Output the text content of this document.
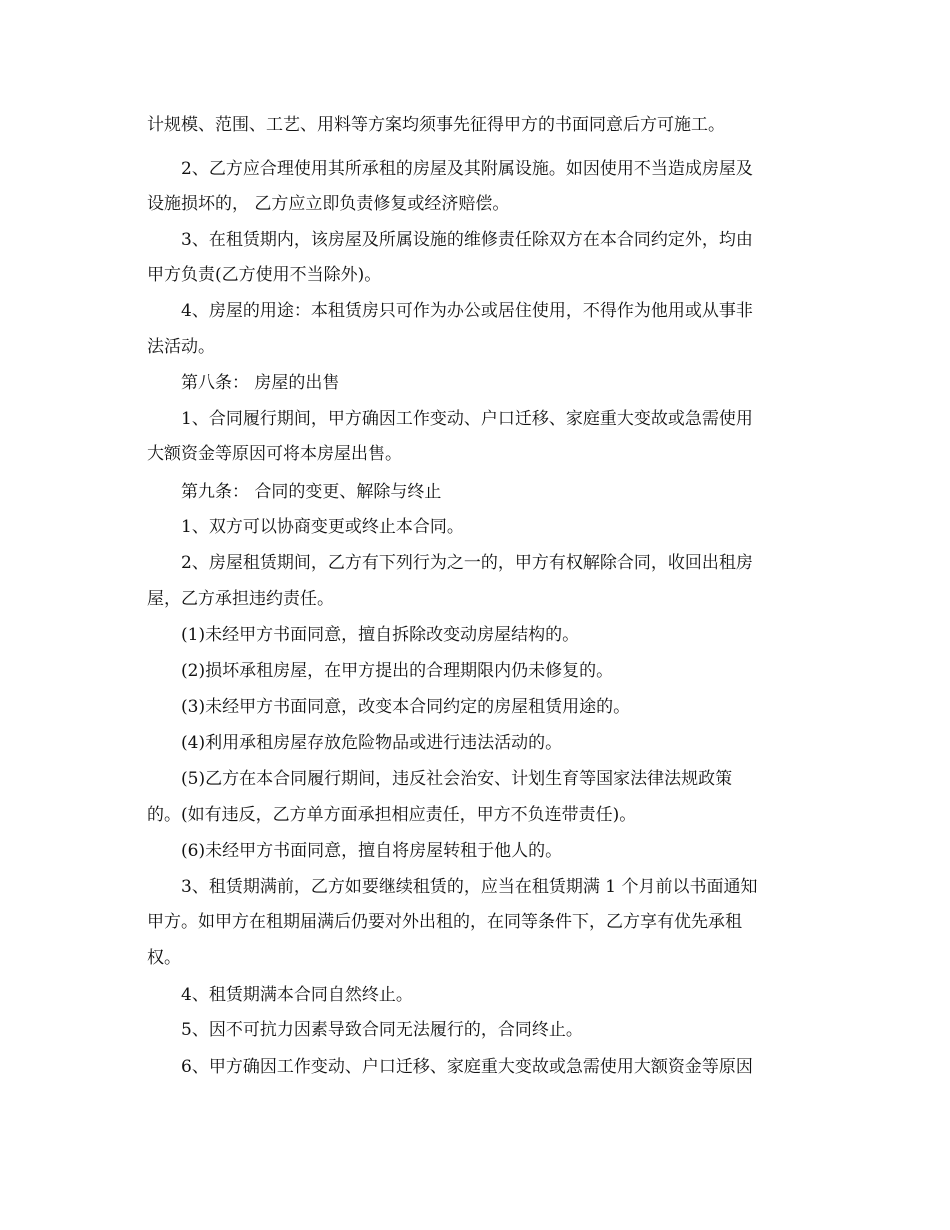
计规模、范围、工艺、用料等方案均须事先征得甲方的书面同意后方可施工。
2、乙方应合理使用其所承租的房屋及其附属设施。如因使用不当造成房屋及
设施损坏的， 乙方应立即负责修复或经济赔偿。
3、在租赁期内，该房屋及所属设施的维修责任除双方在本合同约定外，均由
甲方负责(乙方使用不当除外)。
4、房屋的用途：本租赁房只可作为办公或居住使用，不得作为他用或从事非
法活动。
第八条： 房屋的出售
1、合同履行期间，甲方确因工作变动、户口迁移、家庭重大变故或急需使用
大额资金等原因可将本房屋出售。
第九条： 合同的变更、解除与终止
1、双方可以协商变更或终止本合同。
2、房屋租赁期间，乙方有下列行为之一的，甲方有权解除合同，收回出租房
屋，乙方承担违约责任。
(1)未经甲方书面同意，擅自拆除改变动房屋结构的。
(2)损坏承租房屋，在甲方提出的合理期限内仍未修复的。
(3)未经甲方书面同意，改变本合同约定的房屋租赁用途的。
(4)利用承租房屋存放危险物品或进行违法活动的。
(5)乙方在本合同履行期间，违反社会治安、计划生育等国家法律法规政策
的。(如有违反，乙方单方面承担相应责任，甲方不负连带责任)。
(6)未经甲方书面同意，擅自将房屋转租于他人的。
3、租赁期满前，乙方如要继续租赁的，应当在租赁期满 1 个月前以书面通知
甲方。如甲方在租期届满后仍要对外出租的，在同等条件下，乙方享有优先承租
权。
4、租赁期满本合同自然终止。
5、因不可抗力因素导致合同无法履行的，合同终止。
6、甲方确因工作变动、户口迁移、家庭重大变故或急需使用大额资金等原因
